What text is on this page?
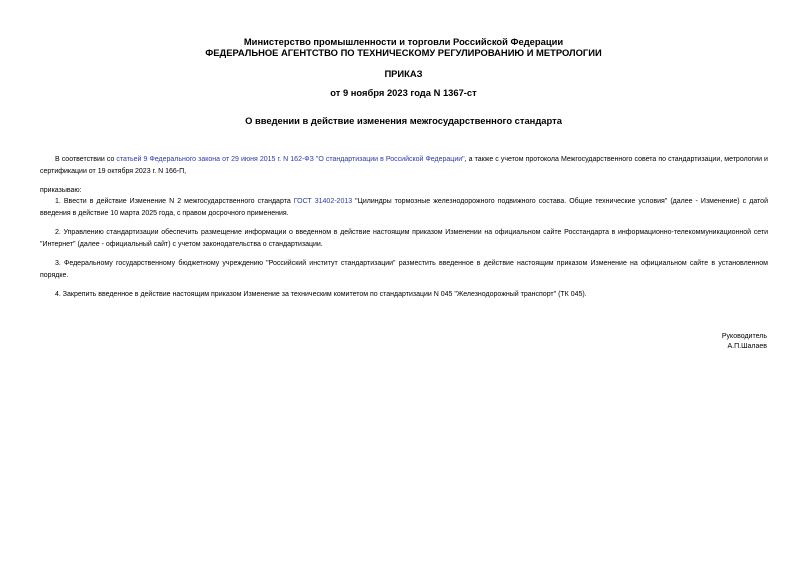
Министерство промышленности и торговли Российской Федерации
ФЕДЕРАЛЬНОЕ АГЕНТСТВО ПО ТЕХНИЧЕСКОМУ РЕГУЛИРОВАНИЮ И МЕТРОЛОГИИ
ПРИКАЗ
от 9 ноября 2023 года N 1367-ст
О введении в действие изменения межгосударственного стандарта
В соответствии со статьей 9 Федерального закона от 29 июня 2015 г. N 162-ФЗ "О стандартизации в Российской Федерации", а также с учетом протокола Межгосударственного совета по стандартизации, метрологии и сертификации от 19 октября 2023 г. N 166-П,
приказываю:
1. Ввести в действие Изменение N 2 межгосударственного стандарта ГОСТ 31402-2013 "Цилиндры тормозные железнодорожного подвижного состава. Общие технические условия" (далее - Изменение) с датой введения в действие 10 марта 2025 года, с правом досрочного применения.
2. Управлению стандартизации обеспечить размещение информации о введенном в действие настоящим приказом Изменении на официальном сайте Росстандарта в информационно-телекоммуникационной сети "Интернет" (далее - официальный сайт) с учетом законодательства о стандартизации.
3. Федеральному государственному бюджетному учреждению "Российский институт стандартизации" разместить введенное в действие настоящим приказом Изменение на официальном сайте в установленном порядке.
4. Закрепить введенное в действие настоящим приказом Изменение за техническим комитетом по стандартизации N 045 "Железнодорожный транспорт" (ТК 045).
Руководитель
А.П.Шалаев
